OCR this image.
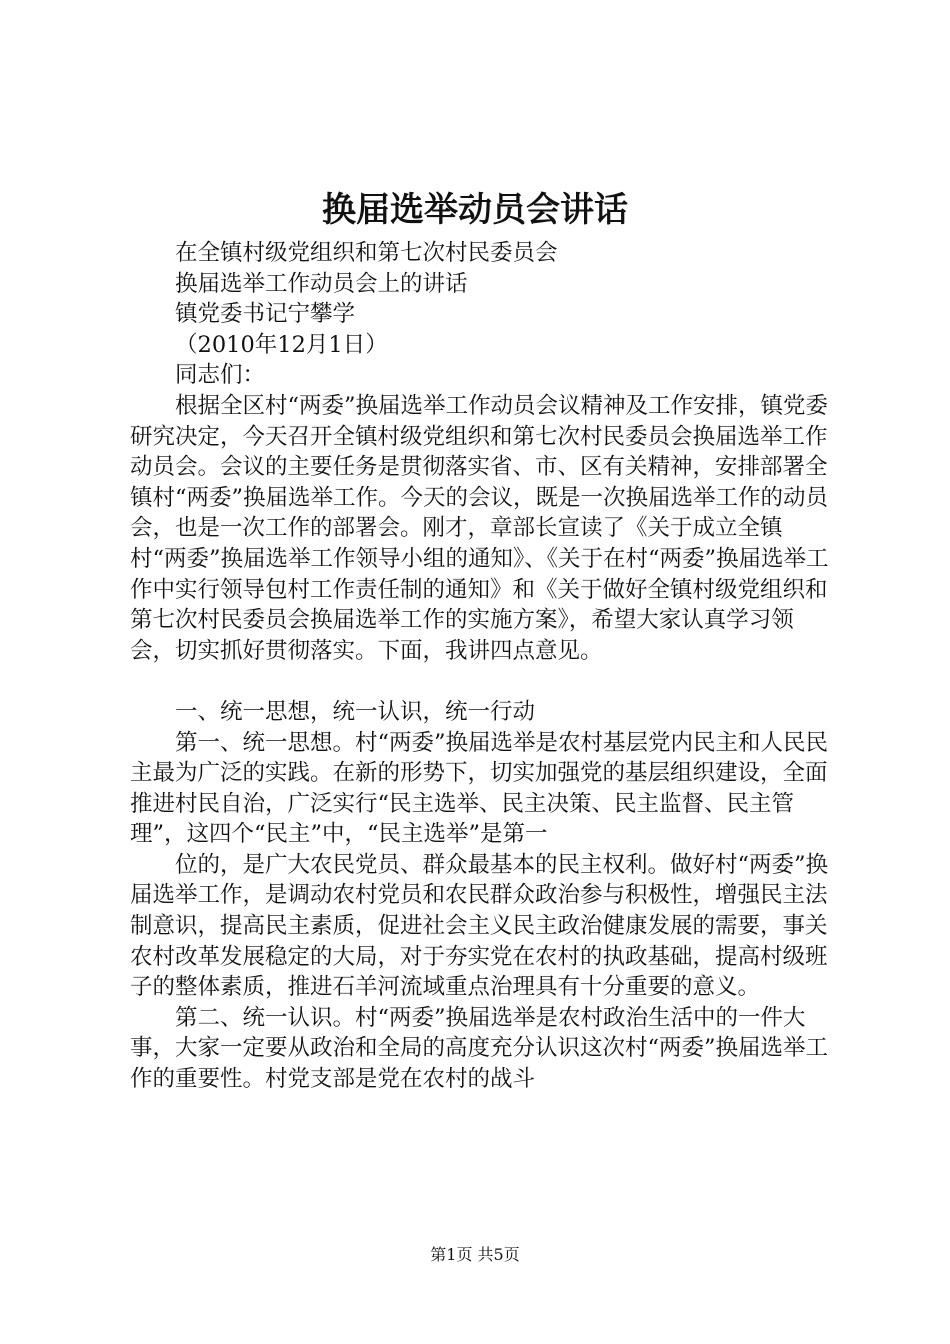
换届选举动员会讲话
在全镇村级党组织和第七次村民委员会
换届选举工作动员会上的讲话
镇党委书记宁攀学
（2010年12月1日）
同志们：
根据全区村“两委”换届选举工作动员会议精神及工作安排，镇党委研究决定，今天召开全镇村级党组织和第七次村民委员会换届选举工作动员会。会议的主要任务是贯彻落实省、市、区有关精神，安排部署全镇村“两委”换届选举工作。今天的会议，既是一次换届选举工作的动员会，也是一次工作的部署会。刚才，章部长宣读了《关于成立全镇村“两委”换届选举工作领导小组的通知》、《关于在村“两委”换届选举工作中实行领导包村工作责任制的通知》和《关于做好全镇村级党组织和第七次村民委员会换届选举工作的实施方案》，希望大家认真学习领会，切实抓好贯彻落实。下面，我讲四点意见。
一、统一思想，统一认识，统一行动
第一、统一思想。村“两委”换届选举是农村基层党内民主和人民民主最为广泛的实践。在新的形势下，切实加强党的基层组织建设，全面推进村民自治，广泛实行“民主选举、民主决策、民主监督、民主管理”，这四个“民主”中，“民主选举”是第一
位的，是广大农民党员、群众最基本的民主权利。做好村“两委”换届选举工作，是调动农村党员和农民群众政治参与积极性，增强民主法制意识，提高民主素质，促进社会主义民主政治健康发展的需要，事关农村改革发展稳定的大局，对于夯实党在农村的执政基础，提高村级班子的整体素质，推进石羊河流域重点治理具有十分重要的意义。
第二、统一认识。村“两委”换届选举是农村政治生活中的一件大事，大家一定要从政治和全局的高度充分认识这次村“两委”换届选举工作的重要性。村党支部是党在农村的战斗
第1页 共5页
